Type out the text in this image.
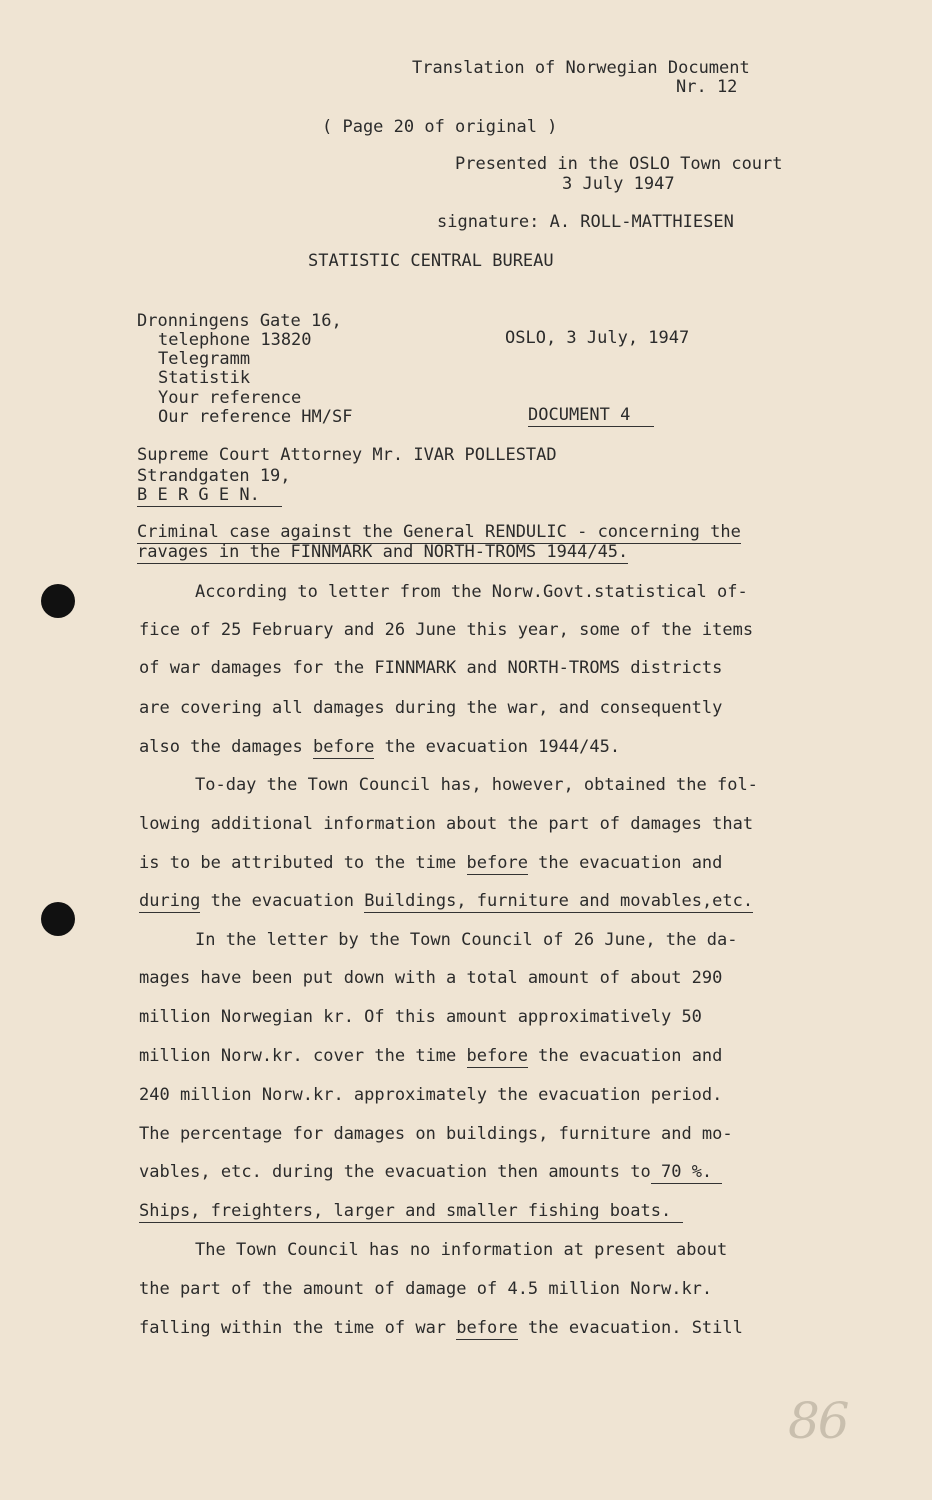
Translation of Norwegian Document
Nr. 12
( Page 20 of original )
Presented in the OSLO Town court
3 July 1947
signature: A. ROLL-MATTHIESEN
STATISTIC CENTRAL BUREAU
Dronningens Gate 16,
telephone 13820
Telegramm
Statistik
Your reference
Our reference HM/SF
OSLO, 3 July, 1947
DOCUMENT 4
Supreme Court Attorney Mr. IVAR POLLESTAD
Strandgaten 19,
B E R G E N.
Criminal case against the General RENDULIC - concerning the
ravages in the FINNMARK and NORTH-TROMS 1944/45.
According to letter from the Norw.Govt.statistical of-
fice of 25 February and 26 June this year, some of the items
of war damages for the FINNMARK and NORTH-TROMS districts
are covering all damages during the war, and consequently
also the damages before the evacuation 1944/45.
To-day the Town Council has, however, obtained the fol-
lowing additional information about the part of damages that
is to be attributed to the time before the evacuation and
during the evacuation Buildings, furniture and movables,etc.
In the letter by the Town Council of 26 June, the da-
mages have been put down with a total amount of about 290
million Norwegian kr. Of this amount approximatively 50
million Norw.kr. cover the time before the evacuation and
240 million Norw.kr. approximately the evacuation period.
The percentage for damages on buildings, furniture and mo-
vables, etc. during the evacuation then amounts to 70 %.
Ships, freighters, larger and smaller fishing boats.
The Town Council has no information at present about
the part of the amount of damage of 4.5 million Norw.kr.
falling within the time of war before the evacuation. Still
86
